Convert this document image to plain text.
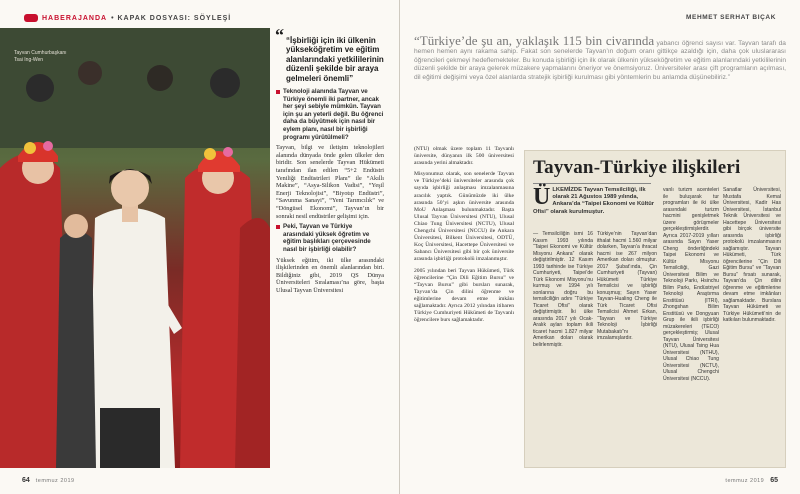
HABERAJANDA • KAPAK DOSYASI: SÖYLEŞİ
Tayvan Cumhurbaşkanı
Tsai Ing-Wen
“ “İşbirliği için iki ülkenin yükseköğretim ve eğitim alanlarındaki yetkililerinin düzenli şekilde bir araya gelmeleri önemli”
Teknoloji alanında Tayvan ve Türkiye önemli iki partner, ancak her şeyi sebiyle mümkün. Tayvan için şu an yeterli değil. Bu öğrenci daha da büyütmek için nasıl bir eylem planı, nasıl bir işbirliği programı yürütülmeli?

Tayvan, bilgi ve iletişim teknolojileri alanında dünyada önde gelen ülkeler den biridir. Son senelerde Tayvan Hükümeti tarafından ilan edilen “5+2 Endüstri Yeniliği Endüstrileri Planı” ile “Akıllı Makine”, “Asya-Silikon Vadisi”, “Yeşil Enerji Teknolojisi”, “Biyotıp Endüstri”, “Savunma Sanayi”, “Yeni Tarımcılık” ve “Döngüsel Ekonomi”, Tayvan’ın bir sonraki nesil endüstriler gelişimi için.

Peki, Tayvan ve Türkiye arasındaki yüksek öğretim ve eğitim başlıkları çerçevesinde nasıl bir işbirliği olabilir?

Yüksek eğitim, iki ülke arasındaki ilişkilerinden en önemli alanlarından biri. Bildiğiniz gibi, 2019 QS Dünya Üniversiteleri Sıralaması’na göre, başta Ulusal Tayvan Üniversitesi

64 temmuz 2019
MEHMET SERHAT BIÇAK
“Türkiye’de şu an, yaklaşık 115 bin civarında yabancı öğrenci sayısı var. Tayvan tarafı da hemen hemen aynı rakama sahip. Fakat son senelerde Tayvan’ın doğum oranı gittikçe azaldığı için, daha çok uluslararası öğrencileri çekmeyi hedeflemekteler. Bu konuda işbirliği için ilk olarak ülkenin yükseköğretim ve eğitim alanlarındaki yetkililerinin düzenli şekilde bir araya gelerek müzakere yapmalarını öneriyor ve önemsiyoruz. Üniversiteler arası çift programların açılması, dil eğitimi değişimi veya özel alanlarda stratejik işbirliği kurulması gibi yöntemlerin bu anlamda düşünebiliriz.”

(NTU) olmak üzere toplam 11 Tayvanlı üniversite, dünyanın ilk 500 üniversitesi arasında yerini almaktadır.

Misyonumuz olarak, son senelerde Tayvan ve Türkiye’deki üniversiteler arasında çok sayıda işbirliği anlaşması imzalanmasına aracılık yaptık. Günümüzde iki ülke arasında 50’yi aşkın üniversite arasında MoU Anlaşması bulunmaktadır. Başta Ulusal Tayvan Üniversitesi (NTU), Ulusal Chiao Tung Üniversitesi (NCTU), Ulusal Chengchi Üniversitesi (NCCU) ile Ankara Üniversitesi, Bilkent Üniversitesi, ODTÜ, Koç Üniversitesi, Hacettepe Üniversitesi ve Sabancı Üniversitesi gibi bir çok üniversite arasında işbirliği protokolü imzalanmıştır.

2005 yılından beri Tayvan Hükümeti, Türk öğrencilerine “Çin Dili Eğitim Bursu” ve “Tayvan Bursu” gibi bursları sunarak, Tayvan’da Çin dilini öğrenme ve eğitimlerine devam etme imkânı sağlamaktadır. Ayrıca 2012 yılından itibaren Türkiye Cumhuriyeti Hükümeti de Tayvanlı öğrencilere burs sağlamaktadır.

Tayvan-Türkiye ilişkileri
Ü LKEMİZDE Tayvan Temsilciliği, ilk olarak 21 Ağustos 1989 yılında, Ankara’da “Taipei Ekonomi ve Kültür Ofisi” olarak kurulmuştur.

— Temsilciliğin ismi 16 Kasım 1993 yılında “Taipei Ekonomi ve Kültür Misyonu Ankara” olarak değiştirilmiştir. 12 Kasım 1993 tarihinde ise Türkiye Cumhuriyeti, Taipei’de Türk Ekonomi Misyonu’nu kurmuş ve 1994 yılı sonlarına doğru bu temsilciliğin adını “Türkiye Ticaret Ofisi” olarak değiştirmiştir. İki ülke arasında 2017 yılı Ocak-Aralık ayları toplam ikili ticaret hacmi 1.827 milyar Amerikan doları olarak belirlenmiştir.

Türkiye’nin Tayvan’dan ithalat hacmi 1.560 milyar dolarken, Tayvan’a ihracat hacmi ise 267 milyon Amerikan doları olmuştur. 2017 Şubat’ında, Çin Cumhuriyeti (Tayvan) Hükümeti Türkiye Temsilcisi ve işbirliği konuşmuş; Sayın Yaser Tayvan-Hualing Cheng ile Türk Ticaret Ofisi Temsilcisi Ahmet Erkan, “Tayvan ve Türkiye Teknoloji İşbirliği Mutabakatı”nı imzalamışlardır.

vanlı turizm acenteleri ile buluşarak tur programları ile iki ülke arasındaki turizm hacmini genişletmek üzere görüşmeler gerçekleştirmişlerdir. Ayrıca 2017-2019 yılları arasında Sayın Yaser Cheng önderliğindeki Taipei Ekonomi ve Kültür Misyonu Temsilciliği, Gazi Üniversitesi Bilim ve Teknoloji Parkı, Hsinchu Bilim Parkı, Endüstriyel Teknoloji Araştırma Enstitüsü (ITRI), Zhongshan Bilim Enstitüsü ve Dongyuan Grup ile ikili işbirliği müzakereleri (TECO) gerçekleştirmiş; Ulusal Tayvan Üniversitesi (NTU), Ulusal Tsing Hua Üniversitesi (NTHU), Ulusal Chiao Tung Üniversitesi (NCTU), Ulusal Chengchi Üniversitesi (NCCU).

Sanatlar Üniversitesi, Mustafa Kemal Üniversitesi, Kadir Has Üniversitesi, İstanbul Teknik Üniversitesi ve Hacettepe Üniversitesi gibi birçok üniversite arasında işbirliği protokolü imzalanmasını sağlamıştır. Tayvan Hükümeti, Türk öğrencilerine “Çin Dili Eğitim Bursu” ve “Tayvan Bursu” fırsatı sunarak, Tayvan’da Çin dilini öğrenme ve eğitimlerine devam etme imkânları sağlamaktadır. Burslara Tayvan Hükümeti ve Türkiye Hükümeti’nin de katkıları bulunmaktadır.

temmuz 2019 65
